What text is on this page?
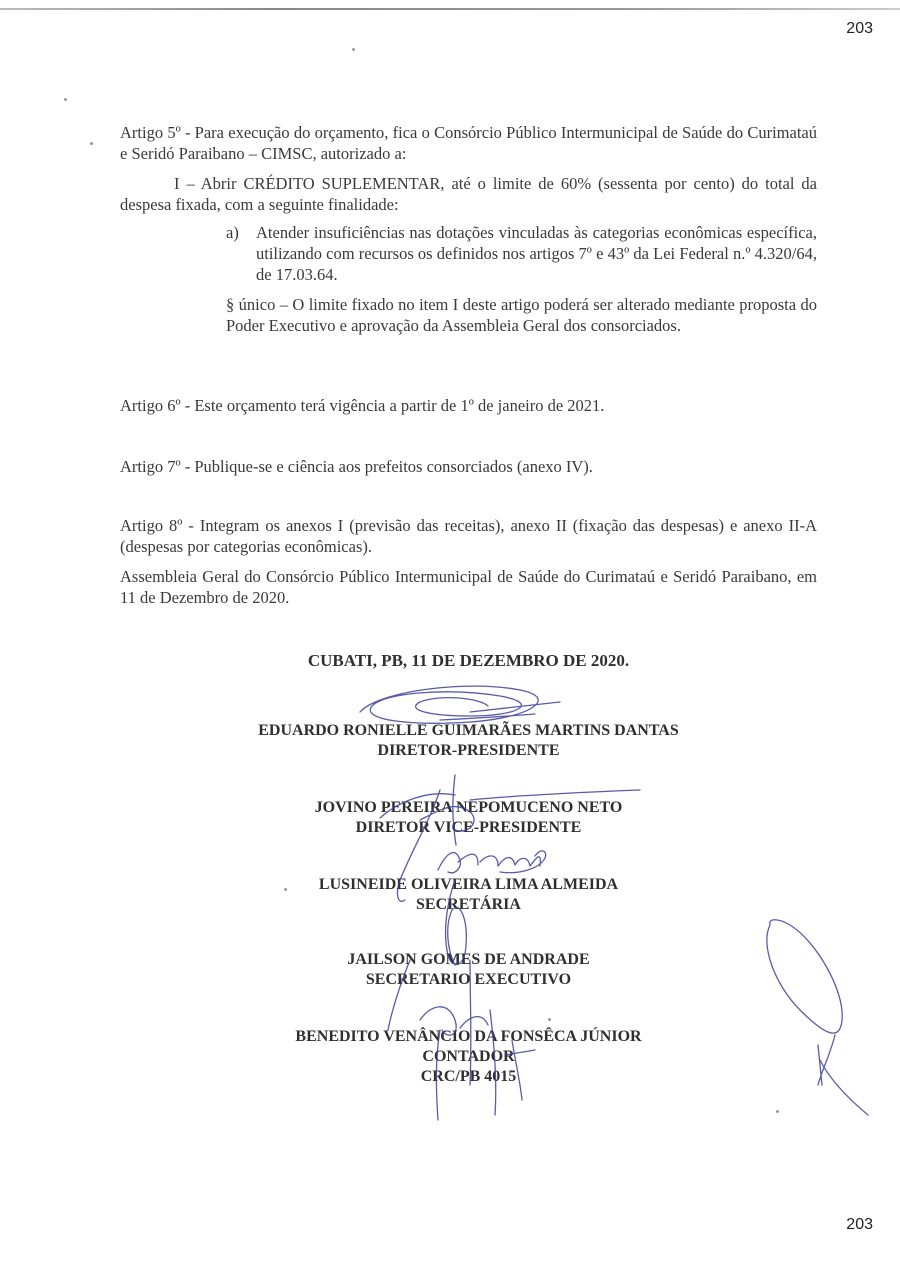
203

Artigo 5º - Para execução do orçamento, fica o Consórcio Público Intermunicipal de Saúde do Curimataú e Seridó Paraibano – CIMSC, autorizado a:

I – Abrir CRÉDITO SUPLEMENTAR, até o limite de 60% (sessenta por cento) do total da despesa fixada, com a seguinte finalidade:

a)	Atender insuficiências nas dotações vinculadas às categorias econômicas específica, utilizando com recursos os definidos nos artigos 7º e 43º da Lei Federal n.º 4.320/64, de 17.03.64.

§ único – O limite fixado no item I deste artigo poderá ser alterado mediante proposta do Poder Executivo e aprovação da Assembleia Geral dos consorciados.

Artigo 6º - Este orçamento terá vigência a partir de 1º de janeiro de 2021.

Artigo 7º - Publique-se e ciência aos prefeitos consorciados (anexo IV).

Artigo 8º - Integram os anexos I (previsão das receitas), anexo II (fixação das despesas) e anexo II-A (despesas por categorias econômicas).

Assembleia Geral do Consórcio Público Intermunicipal de Saúde do Curimataú e Seridó Paraibano, em 11 de Dezembro de 2020.

CUBATI, PB, 11 DE DEZEMBRO DE 2020.
EDUARDO RONIELLE GUIMARÃES MARTINS DANTAS
DIRETOR-PRESIDENTE
JOVINO PEREIRA NEPOMUCENO NETO
DIRETOR VICE-PRESIDENTE
LUSINEIDE OLIVEIRA LIMA ALMEIDA
SECRETÁRIA
JAILSON GOMES DE ANDRADE
SECRETARIO EXECUTIVO
BENEDITO VENÂNCIO DA FONSÊCA JÚNIOR
CONTADOR
CRC/PB 4015
203
